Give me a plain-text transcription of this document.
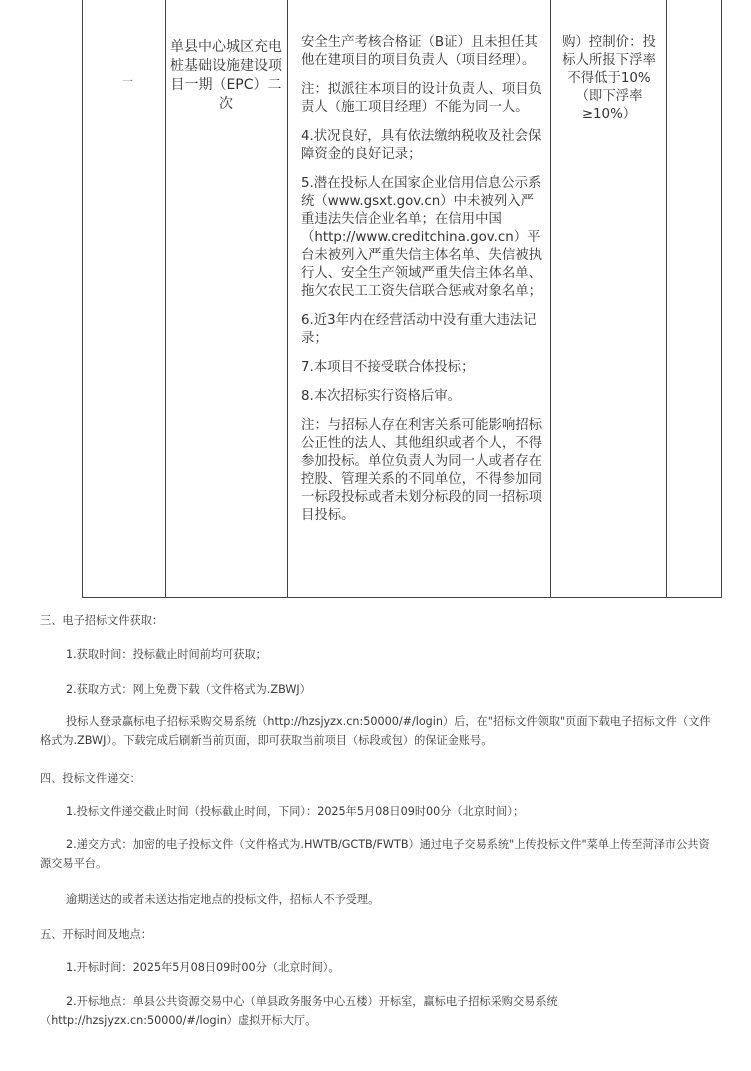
一
单县中心城区充电桩基础设施建设项目一期（EPC）二次

安全生产考核合格证（B证）且未担任其他在建项目的项目负责人（项目经理）。

注：拟派往本项目的设计负责人、项目负责人（施工项目经理）不能为同一人。

4.状况良好，具有依法缴纳税收及社会保障资金的良好记录；

5.潜在投标人在国家企业信用信息公示系统（www.gsxt.gov.cn）中未被列入严重违法失信企业名单；在信用中国（http://www.creditchina.gov.cn）平台未被列入严重失信主体名单、失信被执行人、安全生产领域严重失信主体名单、拖欠农民工工资失信联合惩戒对象名单；

6.近3年内在经营活动中没有重大违法记录；

7.本项目不接受联合体投标；

8.本次招标实行资格后审。

注：与招标人存在利害关系可能影响招标公正性的法人、其他组织或者个人，不得参加投标。单位负责人为同一人或者存在控股、管理关系的不同单位，不得参加同一标段投标或者未划分标段的同一招标项目投标。

购）控制价：投标人所报下浮率不得低于10%（即下浮率≥10%）
三、电子招标文件获取：
1.获取时间：投标截止时间前均可获取；
2.获取方式：网上免费下载（文件格式为.ZBWJ）
投标人登录赢标电子招标采购交易系统（http://hzsjyzx.cn:50000/#/login）后，在"招标文件领取"页面下载电子招标文件（文件格式为.ZBWJ）。下载完成后刷新当前页面，即可获取当前项目（标段或包）的保证金账号。
四、投标文件递交：
1.投标文件递交截止时间（投标截止时间，下同）：2025年5月08日09时00分（北京时间）；
2.递交方式：加密的电子投标文件（文件格式为.HWTB/GCTB/FWTB）通过电子交易系统"上传投标文件"菜单上传至菏泽市公共资源交易平台。
逾期送达的或者未送达指定地点的投标文件，招标人不予受理。
五、开标时间及地点：
1.开标时间：2025年5月08日09时00分（北京时间）。
2.开标地点：单县公共资源交易中心（单县政务服务中心五楼）开标室，赢标电子招标采购交易系统（http://hzsjyzx.cn:50000/#/login）虚拟开标大厅。
